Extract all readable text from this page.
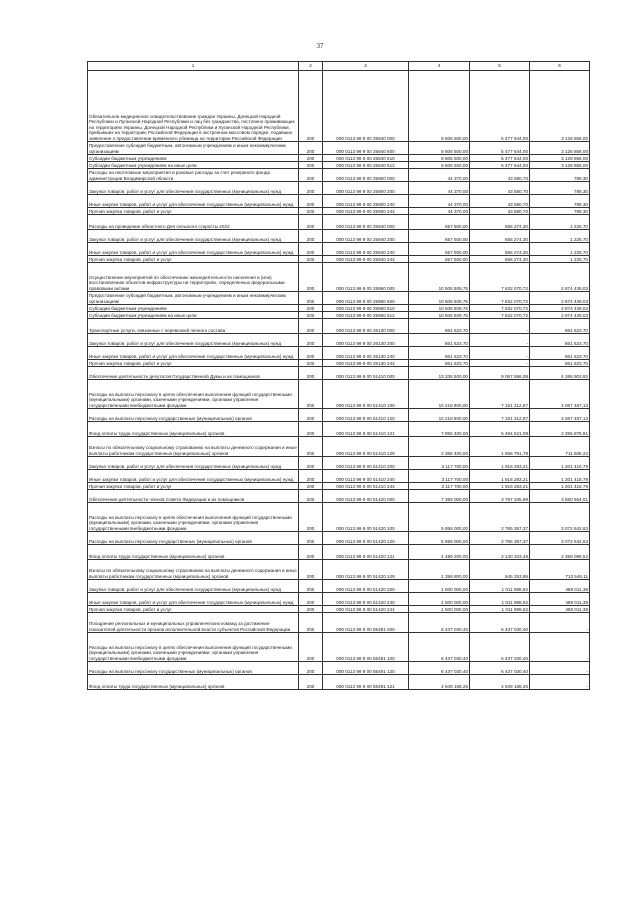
37
1	2	3	4	5	6
Обязательное медицинское освидетельствование граждан Украины, Донецкой Народной Республики и Луганской Народной Республики и лиц без гражданства, постоянно проживающих на территориях Украины, Донецкой Народной Республики и Луганской Народной Республики, прибывших на территорию Российской Федерации в экстренном массовом порядке, подавших заявление о предоставлении временного убежища на территории Российской Федерации	200	000 0113 99 9 00 25840 000	8 606 500,00	5 477 644,00	3 128 856,00
Предоставление субсидий бюджетным, автономным учреждениям и иным некоммерческим организациям	200	000 0113 99 9 00 25840 600	8 606 500,00	5 477 644,00	3 128 856,00
Субсидии бюджетным учреждениям	200	000 0113 99 9 00 25840 610	8 606 500,00	5 477 644,00	3 128 856,00
Субсидии бюджетным учреждениям на иные цели	200	000 0113 99 9 00 25840 612	8 606 500,00	5 477 644,00	3 128 856,00
Расходы на неотложные мероприятия и разовые расходы за счет резервного фонда администрации Владимирской области	200	000 0113 99 9 00 25900 000	44 370,00	43 580,70	789,30
Закупка товаров, работ и услуг для обеспечения государственных (муниципальных) нужд	200	000 0113 99 9 00 25900 200	44 370,00	43 580,70	789,30
Иные закупки товаров, работ и услуг для обеспечения государственных (муниципальных) нужд	200	000 0113 99 9 00 25900 240	44 370,00	43 580,70	789,30
Прочая закупка товаров, работ и услуг	200	000 0113 99 9 00 25900 244	44 370,00	43 580,70	789,30
Расходы на проведение областного Дня сельского старосты 2022	200	000 0113 99 9 00 25940 000	657 500,00	656 274,30	1 225,70
Закупка товаров, работ и услуг для обеспечения государственных (муниципальных) нужд	200	000 0113 99 9 00 25940 200	657 500,00	656 274,30	1 225,70
Иные закупки товаров, работ и услуг для обеспечения государственных (муниципальных) нужд	200	000 0113 99 9 00 25940 240	657 500,00	656 274,30	1 225,70
Прочая закупка товаров, работ и услуг	200	000 0113 99 9 00 25940 244	657 500,00	656 274,30	1 225,70
Осуществление мероприятий по обеспечению жизнедеятельности населения и (или) восстановлению объектов инфраструктуры на территориях, определенных федеральными правовыми актами	200	000 0113 99 9 00 25960 000	10 506 509,75	7 632 070,72	2 874 439,03
Предоставление субсидий бюджетным, автономным учреждениям и иным некоммерческим организациям	200	000 0113 99 9 00 25960 600	10 506 509,75	7 632 070,72	2 874 439,03
Субсидии бюджетным учреждениям	200	000 0113 99 9 00 25960 610	10 506 509,75	7 632 070,72	2 874 439,03
Субсидии бюджетным учреждениям на иные цели	200	000 0113 99 9 00 25960 612	10 506 509,75	7 632 070,72	2 874 439,03
Транспортные услуги, связанные с перевозкой личного состава	200	000 0113 99 9 00 26130 000	861 623,70	-	861 623,70
Закупка товаров, работ и услуг для обеспечения государственных (муниципальных) нужд	200	000 0113 99 9 00 26130 200	861 623,70	-	861 623,70
Иные закупки товаров, работ и услуг для обеспечения государственных (муниципальных) нужд	200	000 0113 99 9 00 26130 240	861 623,70	-	861 623,70
Прочая закупка товаров, работ и услуг	200	000 0113 99 9 00 26130 244	861 623,70	-	861 623,70
Обеспечение деятельности депутатов Государственной Думы и их помощников	200	000 0113 99 9 00 51410 000	13 336 500,00	9 067 596,08	4 268 903,92
Расходы на выплаты персоналу в целях обеспечения выполнения функций государственными (муниципальными) органами, казенными учреждениями, органами управления государственными внебюджетными фондами	200	000 0113 99 9 00 51410 100	10 218 800,00	7 151 312,87	3 067 487,13
Расходы на выплаты персоналу государственных (муниципальных) органов	200	000 0113 99 9 00 51410 120	10 218 800,00	7 151 312,87	3 067 487,13
Фонд оплаты труда государственных (муниципальных) органов	200	000 0113 99 9 00 51410 121	7 850 400,00	5 494 521,09	2 355 878,91
Взносы по обязательному социальному страхованию на выплаты денежного содержания и иные выплаты работникам государственных (муниципальных) органов	200	000 0113 99 9 00 51410 129	2 368 400,00	1 656 791,78	711 608,22
Закупка товаров, работ и услуг для обеспечения государственных (муниципальных) нужд	200	000 0113 99 9 00 51410 200	3 117 700,00	1 916 283,21	1 201 416,79
Иные закупки товаров, работ и услуг для обеспечения государственных (муниципальных) нужд	200	000 0113 99 9 00 51410 240	3 117 700,00	1 916 283,21	1 201 416,79
Прочая закупка товаров, работ и услуг	200	000 0113 99 9 00 51410 244	3 117 700,00	1 916 283,21	1 201 416,79
Обеспечение деятельности членов Совета Федерации и их помощников	200	000 0113 99 9 00 51420 000	7 358 000,00	3 797 345,99	3 560 654,01
Расходы на выплаты персоналу в целях обеспечения выполнения функций государственными (муниципальными) органами, казенными учреждениями, органами управления государственными внебюджетными фондами	200	000 0113 99 9 00 51420 100	5 858 000,00	2 785 357,37	3 072 642,63
Расходы на выплаты персоналу государственных (муниципальных) органов	200	000 0113 99 9 00 51420 120	5 858 000,00	2 785 357,37	3 072 642,63
Фонд оплаты труда государственных (муниципальных) органов	200	000 0113 99 9 00 51420 121	4 499 200,00	2 140 103,48	2 359 096,52
Взносы по обязательному социальному страхованию на выплаты денежного содержания и иные выплаты работникам государственных (муниципальных) органов	200	000 0113 99 9 00 51420 129	1 358 800,00	645 253,89	713 546,11
Закупка товаров, работ и услуг для обеспечения государственных (муниципальных) нужд	200	000 0113 99 9 00 51420 200	1 500 000,00	1 011 988,62	488 011,38
Иные закупки товаров, работ и услуг для обеспечения государственных (муниципальных) нужд	200	000 0113 99 9 00 51420 240	1 500 000,00	1 011 988,62	488 011,38
Прочая закупка товаров, работ и услуг	200	000 0113 99 9 00 51420 244	1 500 000,00	1 011 988,62	488 011,38
Поощрение региональных и муниципальных управленческих команд за достижение показателей деятельности органов исполнительной власти субъектов Российской Федерации	200	000 0113 99 9 00 55491 000	6 437 030,40	6 437 030,40	-
Расходы на выплаты персоналу в целях обеспечения выполнения функций государственными (муниципальными) органами, казенными учреждениями, органами управления государственными внебюджетными фондами	200	000 0113 99 9 00 55491 100	6 437 030,40	6 437 030,40	-
Расходы на выплаты персоналу государственных (муниципальных) органов	200	000 0113 99 9 00 55491 120	6 437 030,40	6 437 030,40	-
Фонд оплаты труда государственных (муниципальных) органов	200	000 0113 99 9 00 55491 121	4 949 168,26	4 949 168,26	-
